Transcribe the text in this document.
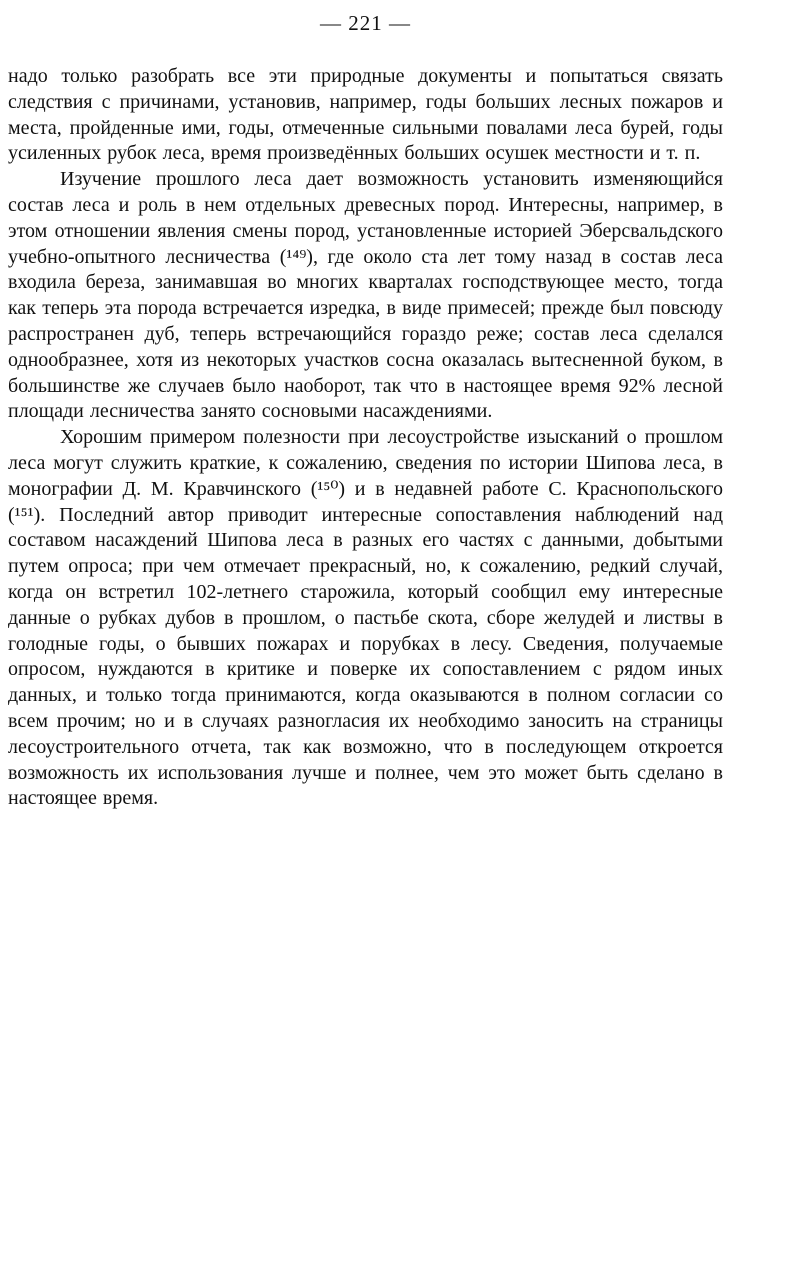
— 221 —

надо только разобрать все эти природные документы и попытаться связать следствия с причинами, установив, например, годы больших лесных пожаров и места, пройденные ими, годы, отмеченные сильными повалами леса бурей, годы усиленных рубок леса, время произведённых больших осушек местности и т. п.

Изучение прошлого леса дает возможность установить изменяющийся состав леса и роль в нем отдельных древесных пород. Интересны, например, в этом отношении явления смены пород, установленные историей Эберсвальдского учебно-опытного лесничества (¹⁴⁹), где около ста лет тому назад в состав леса входила береза, занимавшая во многих кварталах господствующее место, тогда как теперь эта порода встречается изредка, в виде примесей; прежде был повсюду распространен дуб, теперь встречающийся гораздо реже; состав леса сделался однообразнее, хотя из некоторых участков сосна оказалась вытесненной буком, в большинстве же случаев было наоборот, так что в настоящее время 92% лесной площади лесничества занято сосновыми насаждениями.

Хорошим примером полезности при лесоустройстве изысканий о прошлом леса могут служить краткие, к сожалению, сведения по истории Шипова леса, в монографии Д. М. Кравчинского (¹⁵⁰) и в недавней работе С. Краснопольского (¹⁵¹). Последний автор приводит интересные сопоставления наблюдений над составом насаждений Шипова леса в разных его частях с данными, добытыми путем опроса; при чем отмечает прекрасный, но, к сожалению, редкий случай, когда он встретил 102-летнего старожила, который сообщил ему интересные данные о рубках дубов в прошлом, о пастьбе скота, сборе желудей и листвы в голодные годы, о бывших пожарах и порубках в лесу. Сведения, получаемые опросом, нуждаются в критике и поверке их сопоставлением с рядом иных данных, и только тогда принимаются, когда оказываются в полном согласии со всем прочим; но и в случаях разногласия их необходимо заносить на страницы лесоустроительного отчета, так как возможно, что в последующем откроется возможность их использования лучше и полнее, чем это может быть сделано в настоящее время.
